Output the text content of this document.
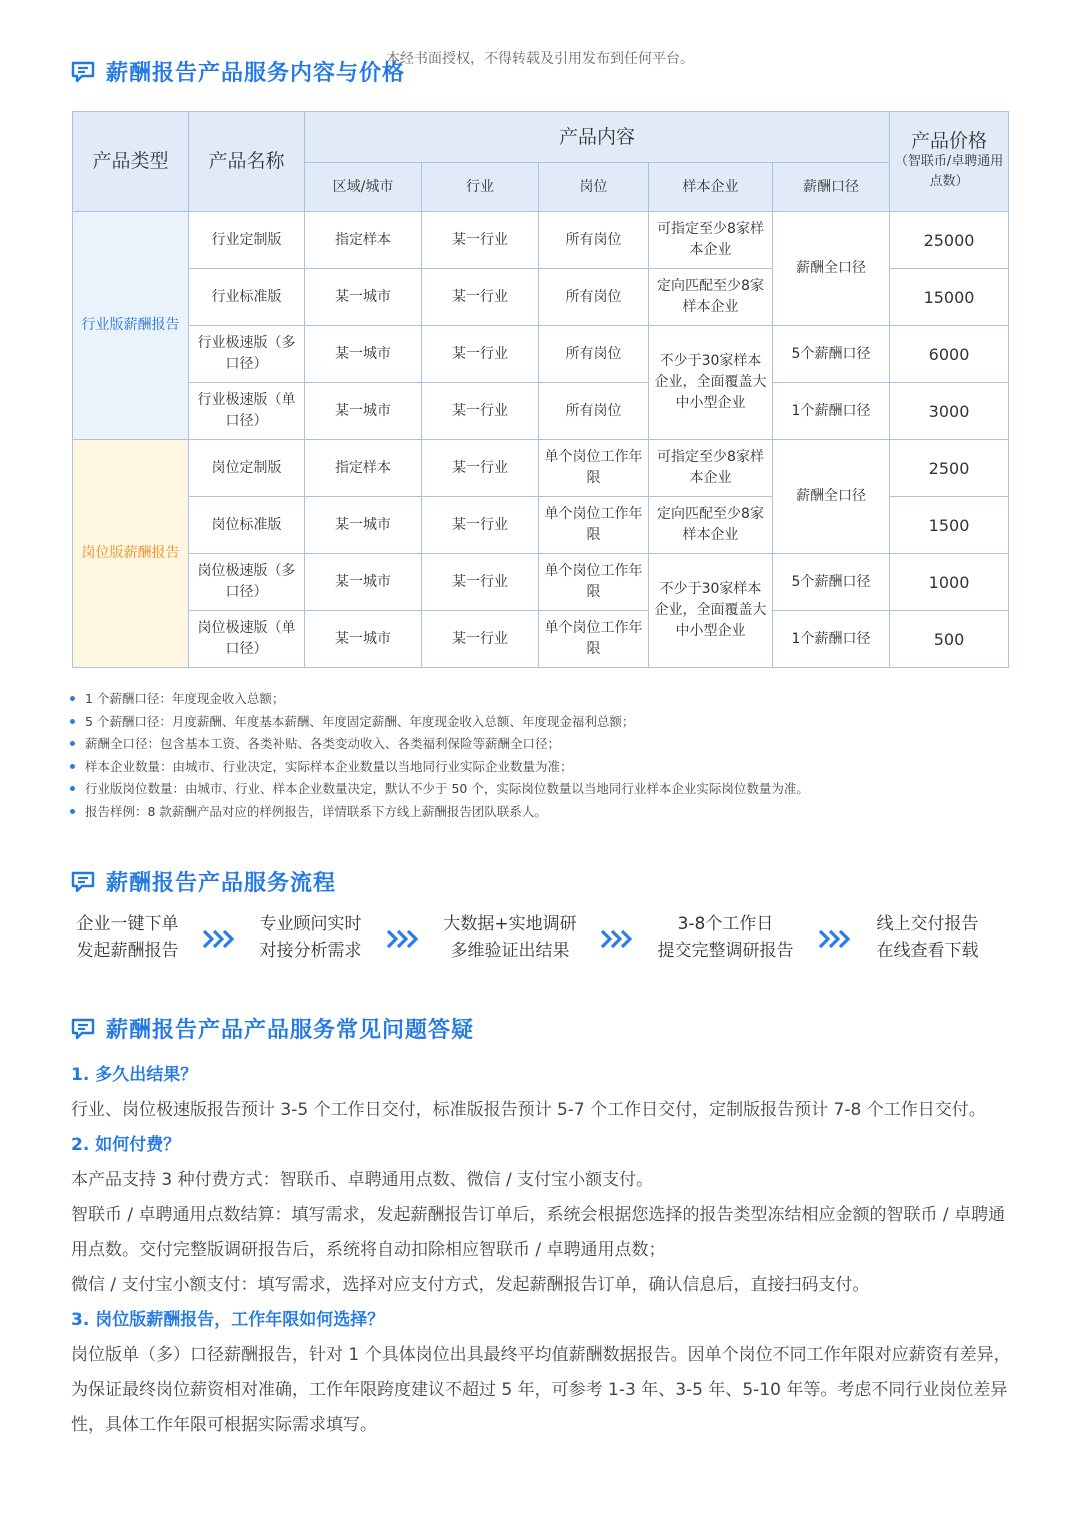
本经书面授权，不得转载及引用发布到任何平台。
薪酬报告产品服务内容与价格
产品类型	产品名称	产品内容					产品价格
（智联币/卓聘通用点数）

		区域/城市	行业	岗位	样本企业	薪酬口径	
行业版薪酬报告	行业定制版	指定样本	某一行业	所有岗位	可指定至少8家样本企业	薪酬全口径	25000
	行业标准版	某一城市	某一行业	所有岗位	定向匹配至少8家样本企业		15000
	行业极速版（多口径）	某一城市	某一行业	所有岗位	不少于30家样本企业，全面覆盖大中小型企业	5个薪酬口径	6000
	行业极速版（单口径）	某一城市	某一行业	所有岗位		1个薪酬口径	3000
岗位版薪酬报告	岗位定制版	指定样本	某一行业	单个岗位工作年限	可指定至少8家样本企业	薪酬全口径	2500
	岗位标准版	某一城市	某一行业	单个岗位工作年限	定向匹配至少8家样本企业		1500
	岗位极速版（多口径）	某一城市	某一行业	单个岗位工作年限	不少于30家样本企业，全面覆盖大中小型企业	5个薪酬口径	1000
	岗位极速版（单口径）	某一城市	某一行业	单个岗位工作年限		1个薪酬口径	500
1 个薪酬口径：年度现金收入总额；
5 个薪酬口径：月度薪酬、年度基本薪酬、年度固定薪酬、年度现金收入总额、年度现金福利总额；
薪酬全口径：包含基本工资、各类补贴、各类变动收入、各类福利保险等薪酬全口径；
样本企业数量：由城市、行业决定，实际样本企业数量以当地同行业实际企业数量为准；
行业版岗位数量：由城市、行业、样本企业数量决定，默认不少于 50 个，实际岗位数量以当地同行业样本企业实际岗位数量为准。
报告样例：8 款薪酬产品对应的样例报告，详情联系下方线上薪酬报告团队联系人。
薪酬报告产品服务流程
企业一键下单
发起薪酬报告
专业顾问实时
对接分析需求
大数据+实地调研
多维验证出结果
3-8个工作日
提交完整调研报告
线上交付报告
在线查看下载
薪酬报告产品产品服务常见问题答疑
1. 多久出结果？
行业、岗位极速版报告预计 3-5 个工作日交付，标准版报告预计 5-7 个工作日交付，定制版报告预计 7-8 个工作日交付。
2. 如何付费？
本产品支持 3 种付费方式：智联币、卓聘通用点数、微信 / 支付宝小额支付。
智联币 / 卓聘通用点数结算：填写需求，发起薪酬报告订单后，系统会根据您选择的报告类型冻结相应金额的智联币 / 卓聘通用点数。交付完整版调研报告后，系统将自动扣除相应智联币 / 卓聘通用点数；
微信 / 支付宝小额支付：填写需求，选择对应支付方式，发起薪酬报告订单，确认信息后，直接扫码支付。
3. 岗位版薪酬报告，工作年限如何选择？
岗位版单（多）口径薪酬报告，针对 1 个具体岗位出具最终平均值薪酬数据报告。因单个岗位不同工作年限对应薪资有差异，为保证最终岗位薪资相对准确，工作年限跨度建议不超过 5 年，可参考 1-3 年、3-5 年、5-10 年等。考虑不同行业岗位差异性，具体工作年限可根据实际需求填写。
